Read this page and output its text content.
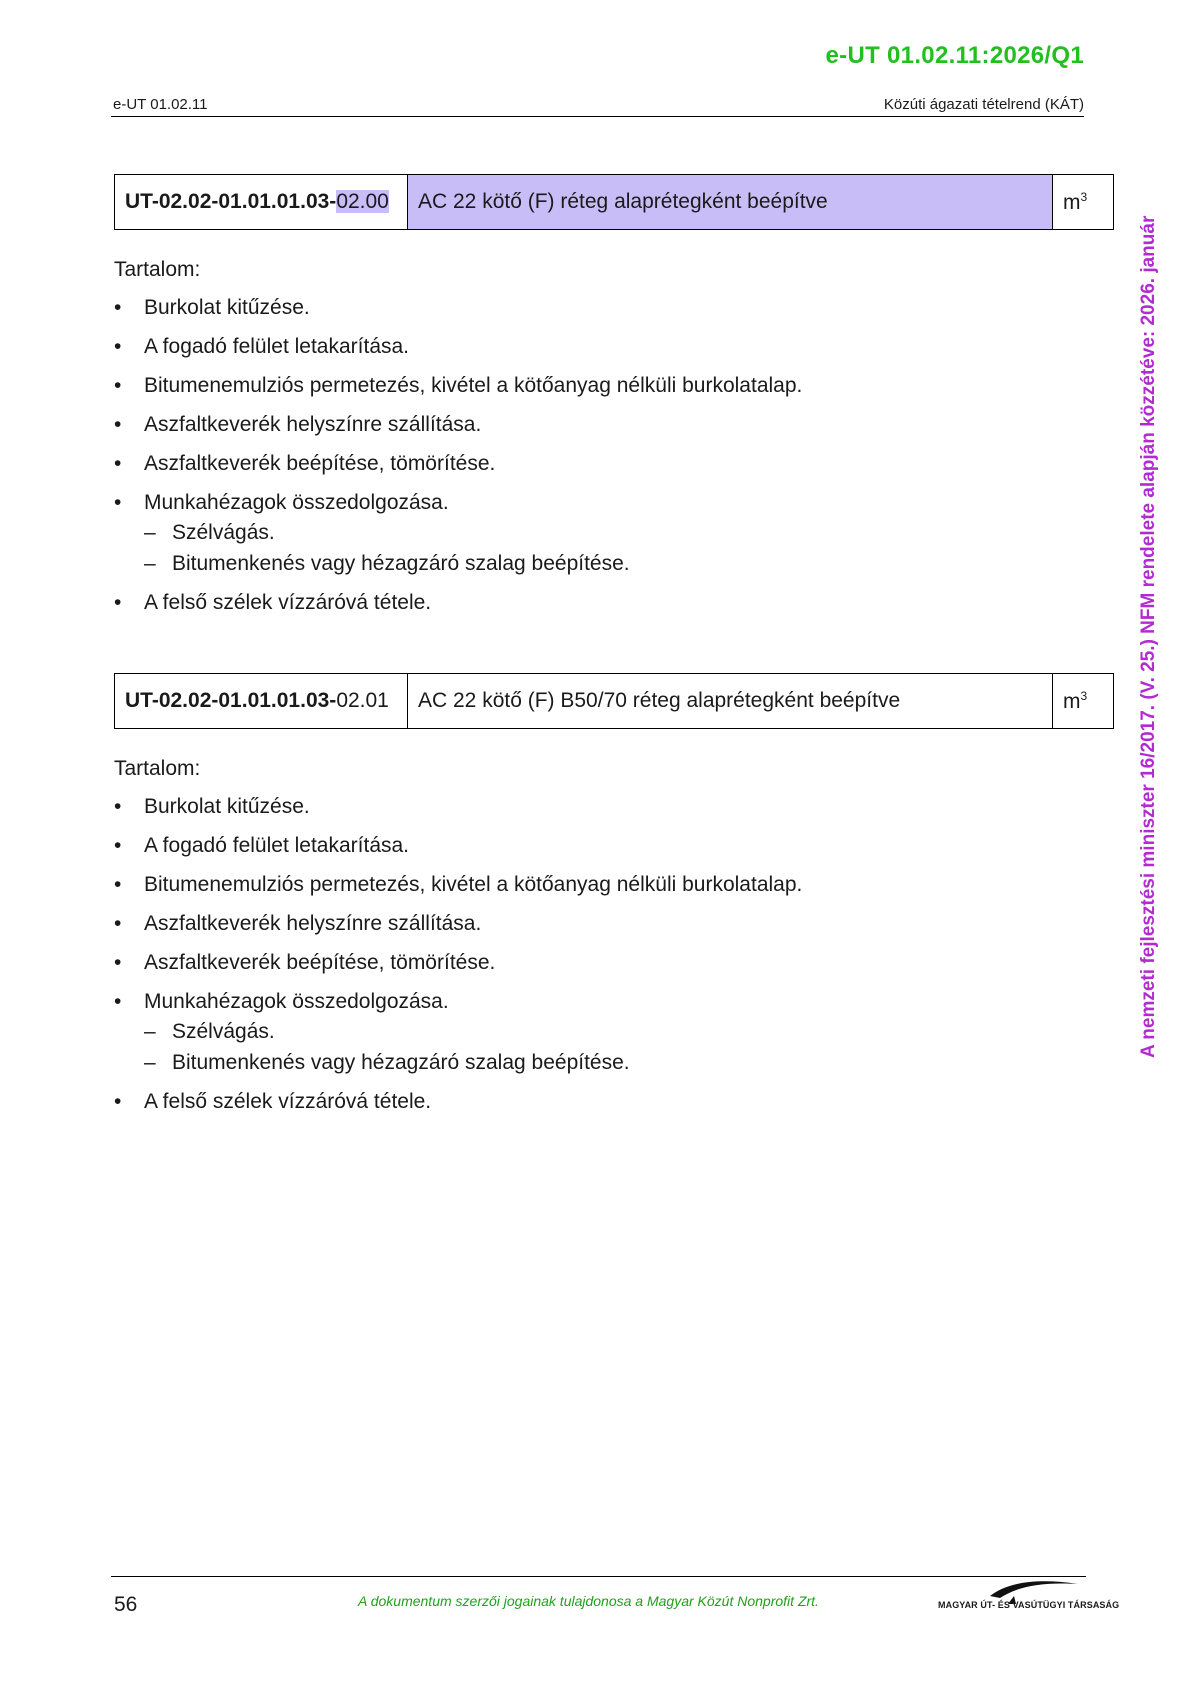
e-UT 01.02.11:2026/Q1
e-UT 01.02.11	Közúti ágazati tételrend (KÁT)
UT-02.02-01.01.01.03-02.00	AC 22 kötő (F) réteg alaprétegként beépítve	$m^3$

Tartalom:

•	Burkolat kitűzése.
•	A fogadó felület letakarítása.
•	Bitumenemulziós permetezés, kivétel a kötőanyag nélküli burkolatalap.
•	Aszfaltkeverék helyszínre szállítása.
•	Aszfaltkeverék beépítése, tömörítése.
•	Munkahézagok összedolgozása.
– Szélvágás.
– Bitumenkenés vagy hézagzáró szalag beépítése.
•	A felső szélek vízzáróvá tétele.
UT-02.02-01.01.01.03-02.01	AC 22 kötő (F) B50/70 réteg alaprétegként beépítve	$m^3$

Tartalom:

•	Burkolat kitűzése.
•	A fogadó felület letakarítása.
•	Bitumenemulziós permetezés, kivétel a kötőanyag nélküli burkolatalap.
•	Aszfaltkeverék helyszínre szállítása.
•	Aszfaltkeverék beépítése, tömörítése.
•	Munkahézagok összedolgozása.
– Szélvágás.
– Bitumenkenés vagy hézagzáró szalag beépítése.
•	A felső szélek vízzáróvá tétele.
A nemzeti fejlesztési miniszter 16/2017. (V. 25.) NFM rendelete alapján közzétéve: 2026. január
56	A dokumentum szerzői jogainak tulajdonosa a Magyar Közút Nonprofit Zrt.	MAGYAR ÚT- ÉS VASÚTÜGYI TÁRSASÁG
